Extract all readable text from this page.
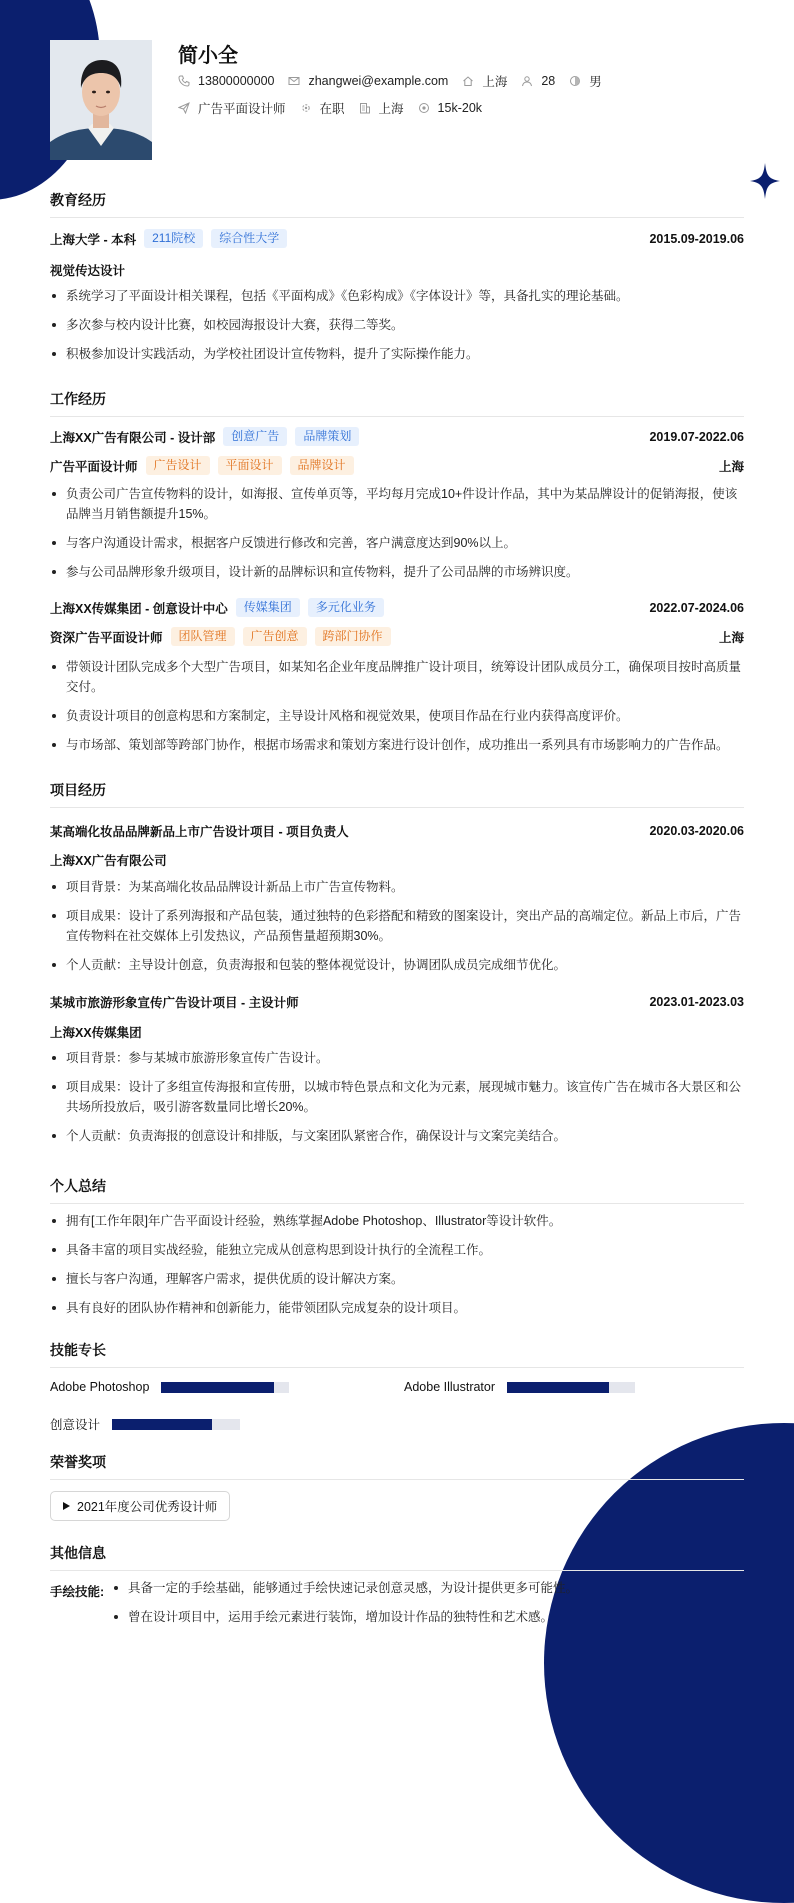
简小全
13800000000	zhangwei@example.com	上海	28	男
广告平面设计师	在职	上海	15k-20k
教育经历
上海大学 - 本科	211院校	综合性大学	2015.09-2019.06
视觉传达设计
系统学习了平面设计相关课程，包括《平面构成》《色彩构成》《字体设计》等，具备扎实的理论基础。
多次参与校内设计比赛，如校园海报设计大赛，获得二等奖。
积极参加设计实践活动，为学校社团设计宣传物料，提升了实际操作能力。
工作经历
上海XX广告有限公司 - 设计部	创意广告	品牌策划	2019.07-2022.06
广告平面设计师	广告设计	平面设计	品牌设计	上海
负责公司广告宣传物料的设计，如海报、宣传单页等，平均每月完成10+件设计作品，其中为某品牌设计的促销海报，使该品牌当月销售额提升15%。
与客户沟通设计需求，根据客户反馈进行修改和完善，客户满意度达到90%以上。
参与公司品牌形象升级项目，设计新的品牌标识和宣传物料，提升了公司品牌的市场辨识度。
上海XX传媒集团 - 创意设计中心	传媒集团	多元化业务	2022.07-2024.06
资深广告平面设计师	团队管理	广告创意	跨部门协作	上海
带领设计团队完成多个大型广告项目，如某知名企业年度品牌推广设计项目，统筹设计团队成员分工，确保项目按时高质量交付。
负责设计项目的创意构思和方案制定，主导设计风格和视觉效果，使项目作品在行业内获得高度评价。
与市场部、策划部等跨部门协作，根据市场需求和策划方案进行设计创作，成功推出一系列具有市场影响力的广告作品。
项目经历
某高端化妆品品牌新品上市广告设计项目 - 项目负责人	2020.03-2020.06
上海XX广告有限公司
项目背景：为某高端化妆品品牌设计新品上市广告宣传物料。
项目成果：设计了系列海报和产品包装，通过独特的色彩搭配和精致的图案设计，突出产品的高端定位。新品上市后，广告宣传物料在社交媒体上引发热议，产品预售量超预期30%。
个人贡献：主导设计创意，负责海报和包装的整体视觉设计，协调团队成员完成细节优化。
某城市旅游形象宣传广告设计项目 - 主设计师	2023.01-2023.03
上海XX传媒集团
项目背景：参与某城市旅游形象宣传广告设计。
项目成果：设计了多组宣传海报和宣传册，以城市特色景点和文化为元素，展现城市魅力。该宣传广告在城市各大景区和公共场所投放后，吸引游客数量同比增长20%。
个人贡献：负责海报的创意设计和排版，与文案团队紧密合作，确保设计与文案完美结合。
个人总结
拥有[工作年限]年广告平面设计经验，熟练掌握Adobe Photoshop、Illustrator等设计软件。
具备丰富的项目实战经验，能独立完成从创意构思到设计执行的全流程工作。
擅长与客户沟通，理解客户需求，提供优质的设计解决方案。
具有良好的团队协作精神和创新能力，能带领团队完成复杂的设计项目。
技能专长
Adobe Photoshop	Adobe Illustrator
创意设计
荣誉奖项
2021年度公司优秀设计师
其他信息
手绘技能:	具备一定的手绘基础，能够通过手绘快速记录创意灵感，为设计提供更多可能性。
曾在设计项目中，运用手绘元素进行装饰，增加设计作品的独特性和艺术感。
